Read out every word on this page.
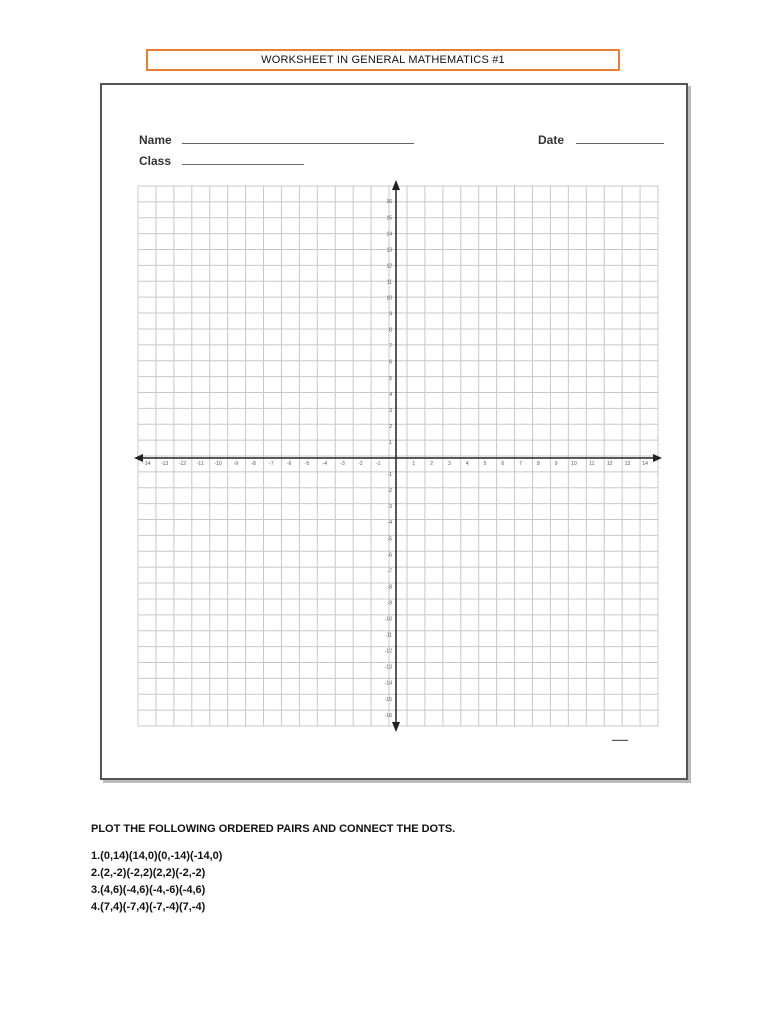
WORKSHEET IN GENERAL MATHEMATICS #1
Name	Date
Class
▬▬▬▬
-14 -13 -12 -11 -10 -9	-8	-7	-6	-5	-4	-3	-2	-1	1	2	3	4	5	6	7	8	9	10 11 12 13 14
16
15
14
13
12
11
10
9
8
7
6
5
4
3
2
1
-1
-2
-3
-4
-5
-6
-7
-8
-9
-10
-11
-12
-13
-14
-15
-16
PLOT THE FOLLOWING ORDERED PAIRS AND CONNECT THE DOTS.
1.(0,14)(14,0)(0,-14)(-14,0)
2.(2,-2)(-2,2)(2,2)(-2,-2)
3.(4,6)(-4,6)(-4,-6)(-4,6)
4.(7,4)(-7,4)(-7,-4)(7,-4)
